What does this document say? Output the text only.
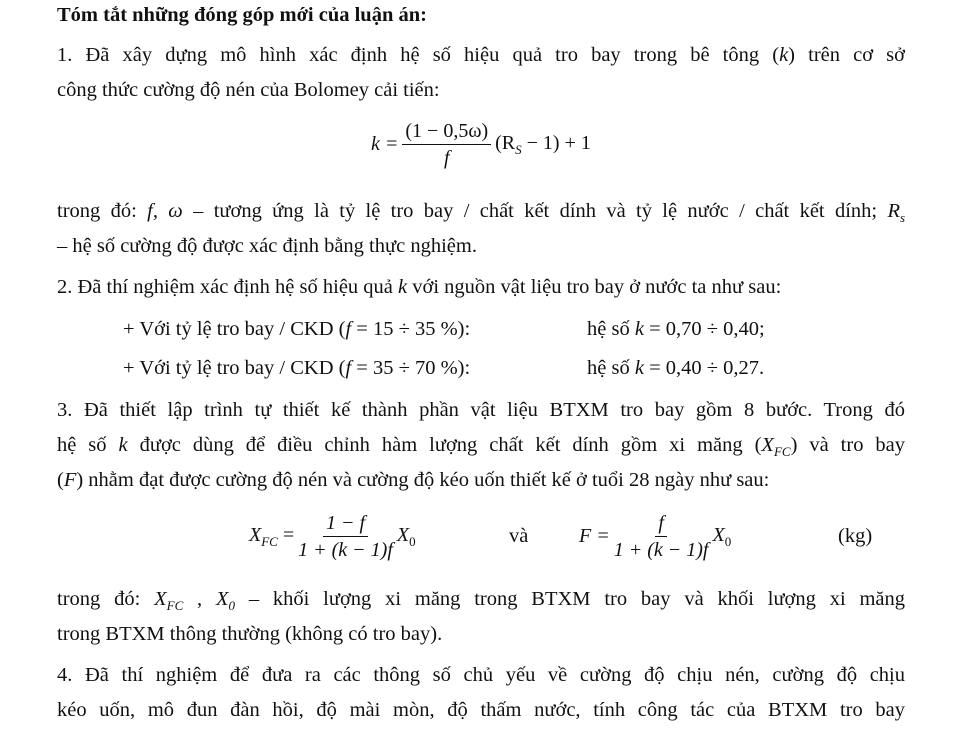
Tóm tắt những đóng góp mới của luận án:
1. Đã xây dựng mô hình xác định hệ số hiệu quả tro bay trong bê tông (k) trên cơ sở
công thức cường độ nén của Bolomey cải tiến:
$k = \frac{(1 - 0,5\omega)}{f} (R_S - 1) + 1$
trong đó: f, ω – tương ứng là tỷ lệ tro bay / chất kết dính và tỷ lệ nước / chất kết dính; $R_s$
– hệ số cường độ được xác định bằng thực nghiệm.
2. Đã thí nghiệm xác định hệ số hiệu quả k với nguồn vật liệu tro bay ở nước ta như sau:
+ Với tỷ lệ tro bay / CKD (f = 15 ÷ 35 %):	hệ số k = 0,70 ÷ 0,40;
+ Với tỷ lệ tro bay / CKD (f = 35 ÷ 70 %):	hệ số k = 0,40 ÷ 0,27.
3. Đã thiết lập trình tự thiết kế thành phần vật liệu BTXM tro bay gồm 8 bước. Trong đó
hệ số k được dùng để điều chỉnh hàm lượng chất kết dính gồm xi măng $(X_{FC})$ và tro bay
(F) nhằm đạt được cường độ nén và cường độ kéo uốn thiết kế ở tuổi 28 ngày như sau:
$X_{FC} = \frac{1 - f}{1 + (k - 1)f} X_0$	và	$F = \frac{f}{1 + (k - 1)f} X_0$	(kg)
trong đó: $X_{FC}$ , $X_0$ – khối lượng xi măng trong BTXM tro bay và khối lượng xi măng
trong BTXM thông thường (không có tro bay).
4. Đã thí nghiệm để đưa ra các thông số chủ yếu về cường độ chịu nén, cường độ chịu
kéo uốn, mô đun đàn hồi, độ mài mòn, độ thấm nước, tính công tác của BTXM tro bay
